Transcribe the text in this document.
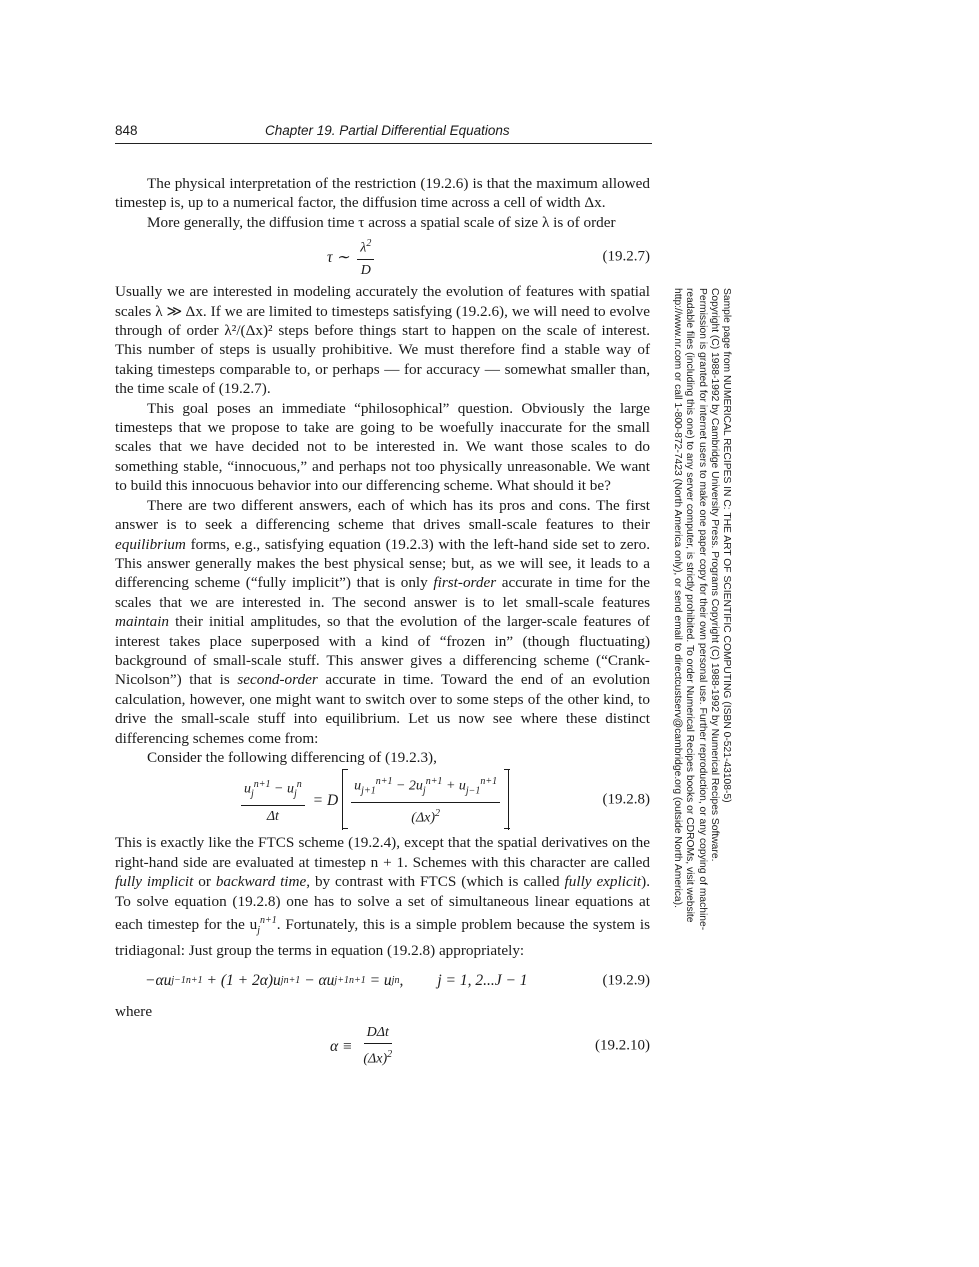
848	Chapter 19. Partial Differential Equations

The physical interpretation of the restriction (19.2.6) is that the maximum allowed timestep is, up to a numerical factor, the diffusion time across a cell of width Δx.

More generally, the diffusion time τ across a spatial scale of size λ is of order

τ ∼ $\frac{\lambda^2}{D}$	(19.2.7)

Usually we are interested in modeling accurately the evolution of features with spatial scales λ ≫ Δx. If we are limited to timesteps satisfying (19.2.6), we will need to evolve through of order λ²/(Δx)² steps before things start to happen on the scale of interest. This number of steps is usually prohibitive. We must therefore find a stable way of taking timesteps comparable to, or perhaps — for accuracy — somewhat smaller than, the time scale of (19.2.7).

This goal poses an immediate “philosophical” question. Obviously the large timesteps that we propose to take are going to be woefully inaccurate for the small scales that we have decided not to be interested in. We want those scales to do something stable, “innocuous,” and perhaps not too physically unreasonable. We want to build this innocuous behavior into our differencing scheme. What should it be?

There are two different answers, each of which has its pros and cons. The first answer is to seek a differencing scheme that drives small-scale features to their equilibrium forms, e.g., satisfying equation (19.2.3) with the left-hand side set to zero. This answer generally makes the best physical sense; but, as we will see, it leads to a differencing scheme (“fully implicit”) that is only first-order accurate in time for the scales that we are interested in. The second answer is to let small-scale features maintain their initial amplitudes, so that the evolution of the larger-scale features of interest takes place superposed with a kind of “frozen in” (though fluctuating) background of small-scale stuff. This answer gives a differencing scheme (“Crank-Nicolson”) that is second-order accurate in time. Toward the end of an evolution calculation, however, one might want to switch over to some steps of the other kind, to drive the small-scale stuff into equilibrium. Let us now see where these distinct differencing schemes come from:

Consider the following differencing of (19.2.3),

$\frac{u_j^{n+1} - u_j^n}{\Delta t} = D \frac{u_{j+1}^{n+1} - 2u_j^{n+1} + u_{j-1}^{n+1}}{(\Delta x)^2}$	(19.2.8)

This is exactly like the FTCS scheme (19.2.4), except that the spatial derivatives on the right-hand side are evaluated at timestep n + 1. Schemes with this character are called fully implicit or backward time, by contrast with FTCS (which is called fully explicit). To solve equation (19.2.8) one has to solve a set of simultaneous linear equations at each timestep for the $u_j^{n+1}$. Fortunately, this is a simple problem because the system is tridiagonal: Just group the terms in equation (19.2.8) appropriately:

−αu j−1 n+1 + (1 + 2α)u j n+1 − αu j+1 n+1 = u j n , j = 1, 2...J − 1	(19.2.9)

where

$\alpha \equiv \frac{\text{DΔt}}{(\Delta x)^2}$	(19.2.10)
Sample page from NUMERICAL RECIPES IN C: THE ART OF SCIENTIFIC COMPUTING (ISBN 0-521-43108-5)
Copyright (C) 1988-1992 by Cambridge University Press. Programs Copyright (C) 1988-1992 by Numerical Recipes Software.
Permission is granted for internet users to make one paper copy for their own personal use. Further reproduction, or any copying of machine-
readable files (including this one) to any server computer, is strictly prohibited. To order Numerical Recipes books or CDROMs, visit website
http://www.nr.com or call 1-800-872-7423 (North America only), or send email to directcustserv@cambridge.org (outside North America).
